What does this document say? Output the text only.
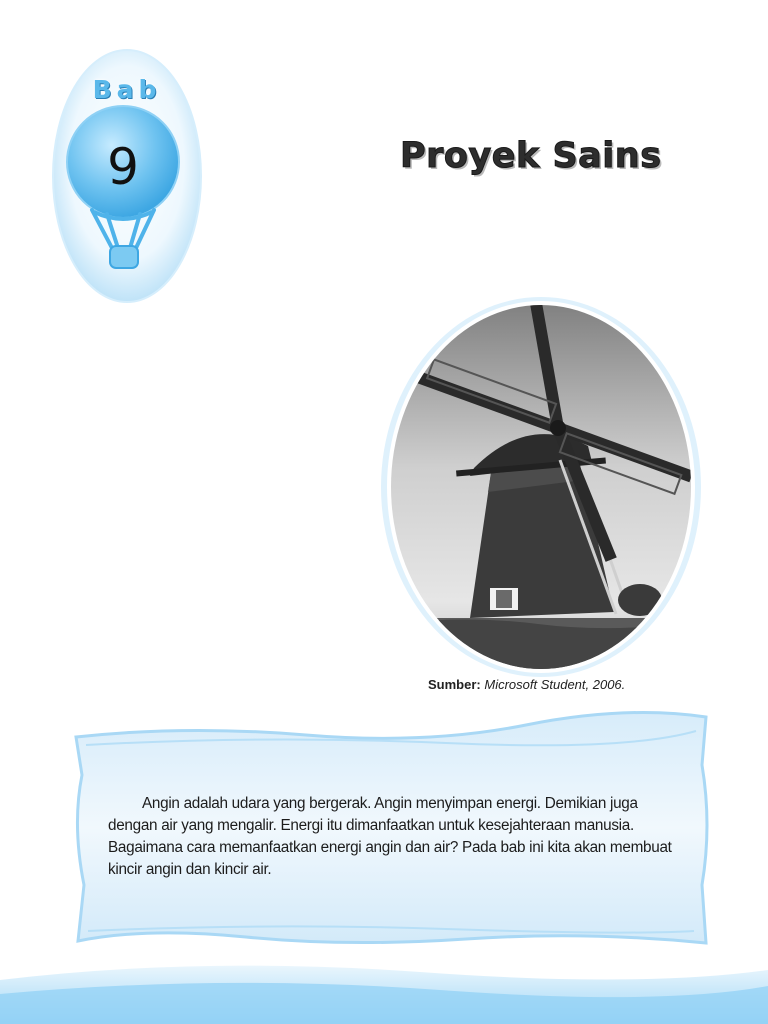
Bab
9	Proyek Sains
Sumber: Microsoft Student, 2006.

Angin adalah udara yang bergerak. Angin menyimpan energi. Demikian juga dengan air yang mengalir. Energi itu dimanfaatkan untuk kesejahteraan manusia. Bagaimana cara memanfaatkan energi angin dan air? Pada bab ini kita akan membuat kincir angin dan kincir air.
